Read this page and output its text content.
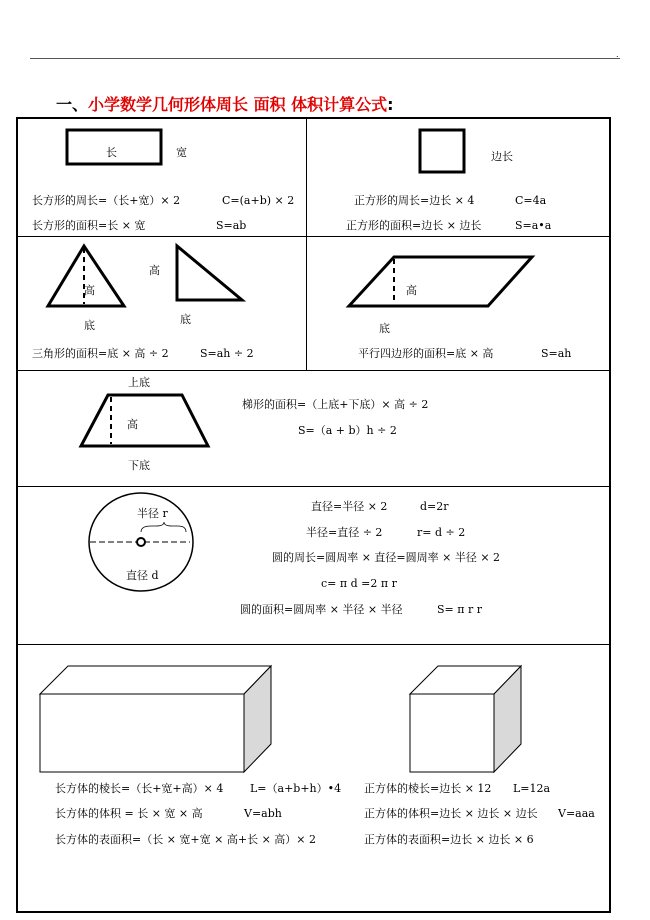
.
一、小学数学几何形体周长 面积 体积计算公式:
长	宽
长方形的周长=（长+宽）× 2	C=(a+b) × 2
长方形的面积=长 × 宽	S=ab
边长
正方形的周长=边长 × 4	C=4a
正方形的面积=边长 × 边长	S=a•a
高
底
高
底
三角形的面积=底 × 高 ÷ 2	S=ah ÷ 2
高
底
平行四边形的面积=底 × 高	S=ah
上底
高
下底
梯形的面积=（上底+下底）× 高 ÷ 2
S=（a + b）h ÷ 2
半径 r
直径 d
直径=半径 × 2	d=2r
半径=直径 ÷ 2	r= d ÷ 2
圆的周长=圆周率 × 直径=圆周率 × 半径 × 2
c= π d =2 π r
圆的面积=圆周率 × 半径 × 半径	S= π r r
长方体的棱长=（长+宽+高）× 4 L=（a+b+h）•4
长方体的体积 = 长 × 宽 × 高	V=abh
长方体的表面积=（长 × 宽+宽 × 高+长 × 高）× 2
正方体的棱长=边长 × 12 L=12a
正方体的体积=边长 × 边长 × 边长 V=aaa
正方体的表面积=边长 × 边长 × 6
